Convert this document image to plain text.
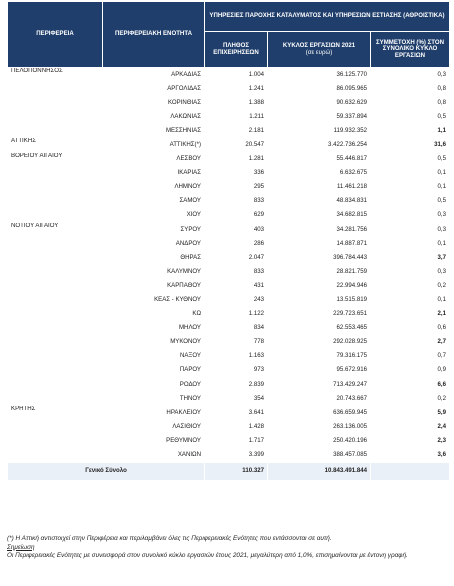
ΠΕΡΙΦΕΡΕΙΑ	ΠΕΡΙΦΕΡΕΙΑΚΗ ΕΝΟΤΗΤΑ	ΥΠΗΡΕΣΙΕΣ ΠΑΡΟΧΗΣ ΚΑΤΑΛΥΜΑΤΟΣ ΚΑΙ ΥΠΗΡΕΣΙΩΝ ΕΣΤΙΑΣΗΣ (ΑΘΡΟΙΣΤΙΚΑ)		
		ΠΛΗΘΟΣ ΕΠΙΧΕΙΡΗΣΕΩΝ	ΚΥΚΛΟΣ ΕΡΓΑΣΙΩΝ 2021
(σε ευρώ)	ΣΥΜΜΕΤΟΧΗ (%) ΣΤΟΝ ΣΥΝΟΛΙΚΟ ΚΥΚΛΟ ΕΡΓΑΣΙΩΝ
ΠΕΛΟΠΟΝΝΗΣΟΣ	ΑΡΚΑΔΙΑΣ	1.004	36.125.770	0,3
	ΑΡΓΟΛΙΔΑΣ	1.241	86.095.965	0,8
	ΚΟΡΙΝΘΙΑΣ	1.388	90.632.629	0,8
	ΛΑΚΩΝΙΑΣ	1.211	59.337.894	0,5
	ΜΕΣΣΗΝΙΑΣ	2.181	119.932.352	1,1
ΑΤΤΙΚΗΣ	ΑΤΤΙΚΗΣ(*)	20.547	3.422.736.254	31,6
ΒΟΡΕΙΟΥ ΑΙΓΑΙΟΥ	ΛΕΣΒΟΥ	1.281	55.446.817	0,5
	ΙΚΑΡΙΑΣ	336	6.632.675	0,1
	ΛΗΜΝΟΥ	295	11.461.218	0,1
	ΣΑΜΟΥ	833	48.834.831	0,5
	ΧΙΟΥ	629	34.682.815	0,3
ΝΟΤΙΟΥ ΑΙΓΑΙΟΥ	ΣΥΡΟΥ	403	34.281.756	0,3
	ΑΝΔΡΟΥ	286	14.887.871	0,1
	ΘΗΡΑΣ	2.047	396.784.443	3,7
	ΚΑΛΥΜΝΟΥ	833	28.821.759	0,3
	ΚΑΡΠΑΘΟΥ	431	22.994.946	0,2
	ΚΕΑΣ - ΚΥΘΝΟΥ	243	13.515.819	0,1
	ΚΩ	1.122	229.723.651	2,1
	ΜΗΛΟΥ	834	62.553.465	0,6
	ΜΥΚΟΝΟΥ	778	292.028.925	2,7
	ΝΑΞΟΥ	1.163	79.316.175	0,7
	ΠΑΡΟΥ	973	95.672.916	0,9
	ΡΟΔΟΥ	2.839	713.429.247	6,6
	ΤΗΝΟΥ	354	20.743.667	0,2
ΚΡΗΤΗΣ	ΗΡΑΚΛΕΙΟΥ	3.641	636.659.945	5,9
	ΛΑΣΙΘΙΟΥ	1.428	263.136.005	2,4
	ΡΕΘΥΜΝΟΥ	1.717	250.420.196	2,3
	ΧΑΝΙΩΝ	3.399	388.457.085	3,6
Γενικό Σύνολο		110.327	10.843.491.844	
(*) Η Αττική αντιστοιχεί στην Περιφέρεια και περιλαμβάνει όλες τις Περιφερειακές Ενότητες που εντάσσονται σε αυτή.
Σημείωση
Οι Περιφερειακές Ενότητες με συνεισφορά στον συνολικό κύκλο εργασιών έτους 2021, μεγαλύτερη από 1,0%, επισημαίνονται με έντονη γραφή.
